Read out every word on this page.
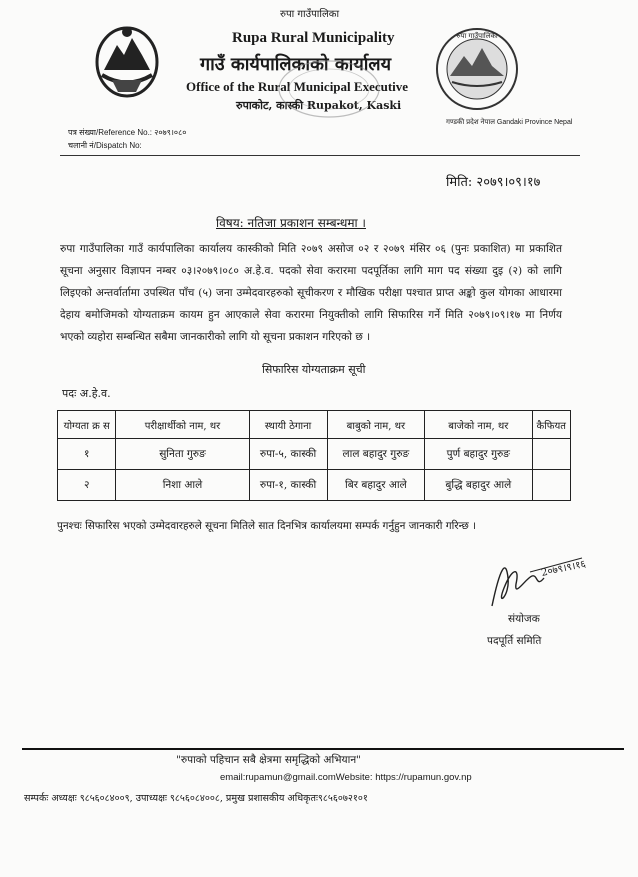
रुपा गाउँपालिका
Rupa Rural Municipality
गाउँ कार्यपालिकाको कार्यालय
Office of the Rural Municipal Executive
रुपाकोट, कास्की Rupakot, Kaski
रुपा गाउँपालिका
गण्डकी प्रदेश नेपाल Gandaki Province Nepal
पत्र संख्या/Reference No.: २०७९।०८०
चलानी नं/Dispatch No:
मिति: २०७९।०९।१७
विषय: नतिजा प्रकाशन सम्बन्धमा ।
रुपा गाउँपालिका गाउँ कार्यपालिका कार्यालय कास्कीको मिति २०७९ असोज ०२ र २०७९ मंसिर ०६ (पुनः प्रकाशित) मा प्रकाशित सूचना अनुसार विज्ञापन नम्बर ०३।२०७९।०८० अ.हे.व. पदको सेवा करारमा पदपूर्तिका लागि माग पद संख्या दुइ (२) को लागि लिइएको अन्तर्वार्तामा उपस्थित पाँच (५) जना उम्मेदवारहरुको सूचीकरण र मौखिक परीक्षा पश्चात प्राप्त अङ्को कुल योगका आधारमा देहाय बमोजिमको योग्यताक्रम कायम हुन आएकाले सेवा करारमा नियुक्तीको लागि सिफारिस गर्ने मिति २०७९।०९।१७ मा निर्णय भएको व्यहोरा सम्बन्धित सबैमा जानकारीको लागि यो सूचना प्रकाशन गरिएको छ ।
सिफारिस योग्यताक्रम सूची
पदः अ.हे.व.
योग्यता क्र स	परीक्षार्थीको नाम, थर	स्थायी ठेगाना	बाबुको नाम, थर	बाजेको नाम, थर	कैफियत
१	सुनिता गुरुङ	रुपा-५, कास्की	लाल बहादुर गुरुङ	पुर्ण बहादुर गुरुङ	
२	निशा आले	रुपा-१, कास्की	बिर बहादुर आले	बुद्धि बहादुर आले	
पुनश्चः सिफारिस भएको उम्मेदवारहरुले सूचना मितिले सात दिनभित्र कार्यालयमा सम्पर्क गर्नुहुन जानकारी गरिन्छ ।
2०७९।९।१६
संयोजक
पदपूर्ति समिति
"रुपाको पहिचान सबै क्षेत्रमा समृद्धिको अभियान"
email:rupamun@gmail.comWebsite: https://rupamun.gov.np
सम्पर्कः अध्यक्षः ९८५६०८४००९, उपाध्यक्षः ९८५६०८४००८, प्रमुख प्रशासकीय अधिकृतः९८५६०७२१०१
